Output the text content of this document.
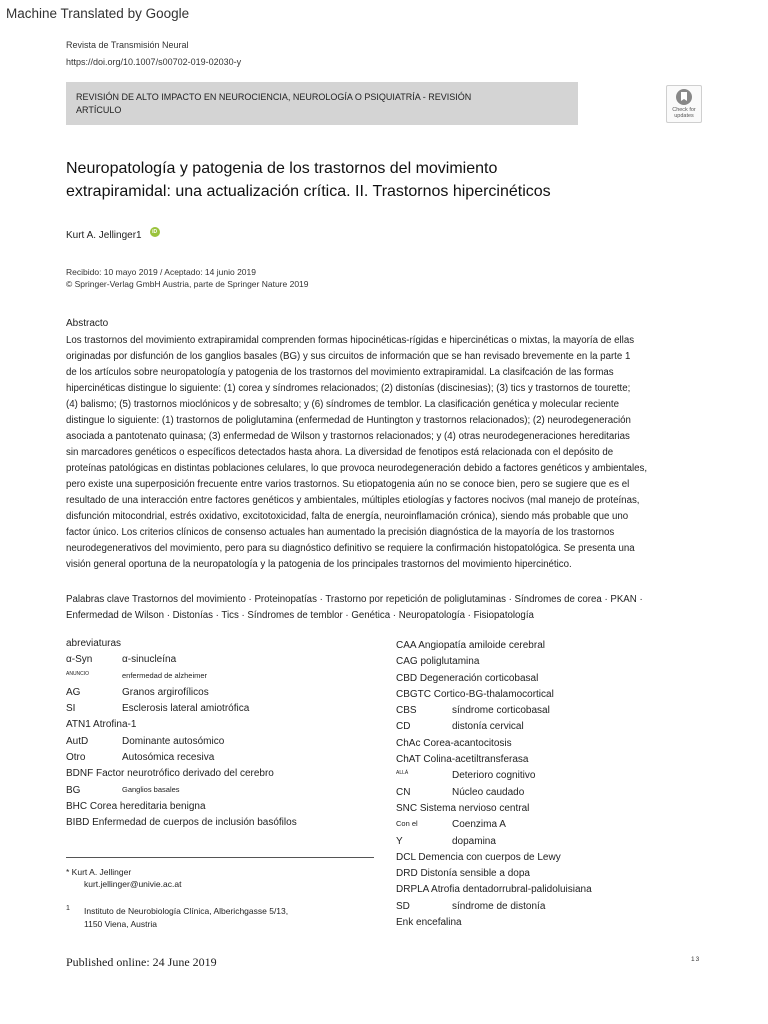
Machine Translated by Google
Revista de Transmisión Neural
https://doi.org/10.1007/s00702-019-02030-y
REVISIÓN DE ALTO IMPACTO EN NEUROCIENCIA, NEUROLOGÍA O PSIQUIATRÍA - REVISIÓN
ARTÍCULO	Check for
updates
Neuropatología y patogenia de los trastornos del movimiento
extrapiramidal: una actualización crítica. II. Trastornos hipercinéticos
Kurt A. Jellinger1	iD
Recibido: 10 mayo 2019 / Aceptado: 14 junio 2019
© Springer-Verlag GmbH Austria, parte de Springer Nature 2019
Abstracto
Los trastornos del movimiento extrapiramidal comprenden formas hipocinéticas-rígidas e hipercinéticas o mixtas, la mayoría de ellas
originadas por disfunción de los ganglios basales (BG) y sus circuitos de información que se han revisado brevemente en la parte 1
de los artículos sobre neuropatología y patogenia de los trastornos del movimiento extrapiramidal. La clasifcación de las formas
hipercinéticas distingue lo siguiente: (1) corea y síndromes relacionados; (2) distonías (discinesias); (3) tics y trastornos de tourette;
(4) balismo; (5) trastornos mioclónicos y de sobresalto; y (6) síndromes de temblor. La clasificación genética y molecular reciente
distingue lo siguiente: (1) trastornos de poliglutamina (enfermedad de Huntington y trastornos relacionados); (2) neurodegeneración
asociada a pantotenato quinasa; (3) enfermedad de Wilson y trastornos relacionados; y (4) otras neurodegeneraciones hereditarias
sin marcadores genéticos o específicos detectados hasta ahora. La diversidad de fenotipos está relacionada con el depósito de
proteínas patológicas en distintas poblaciones celulares, lo que provoca neurodegeneración debido a factores genéticos y ambientales,
pero existe una superposición frecuente entre varios trastornos. Su etiopatogenia aún no se conoce bien, pero se sugiere que es el
resultado de una interacción entre factores genéticos y ambientales, múltiples etiologías y factores nocivos (mal manejo de proteínas,
disfunción mitocondrial, estrés oxidativo, excitotoxicidad, falta de energía, neuroinflamación crónica), siendo más probable que uno
factor único. Los criterios clínicos de consenso actuales han aumentado la precisión diagnóstica de la mayoría de los trastornos
neurodegenerativos del movimiento, pero para su diagnóstico definitivo se requiere la confirmación histopatológica. Se presenta una
visión general oportuna de la neuropatología y la patogenia de los principales trastornos del movimiento hipercinético.
Palabras clave Trastornos del movimiento · Proteinopatías · Trastorno por repetición de poliglutaminas · Síndromes de corea · PKAN ·
Enfermedad de Wilson · Distonías · Tics · Síndromes de temblor · Genética · Neuropatología · Fisiopatología
abreviaturas
α-Syn	α-sinucleína
ANUNCIO	enfermedad de alzheimer
AG	Granos argirofílicos
SI	Esclerosis lateral amiotrófica
ATN1 Atrofina-1
AutD	Dominante autosómico
Otro	Autosómica recesiva
BDNF Factor neurotrófico derivado del cerebro
BG	Ganglios basales
BHC Corea hereditaria benigna
BIBD Enfermedad de cuerpos de inclusión basófilos
CAA Angiopatía amiloide cerebral
CAG poliglutamina
CBD Degeneración corticobasal
CBGTC Cortico-BG-thalamocortical
CBS	síndrome corticobasal
CD	distonía cervical
ChAc Corea-acantocitosis
ChAT Colina-acetiltransferasa
ALLÁ	Deterioro cognitivo
CN	Núcleo caudado
SNC Sistema nervioso central
Con el	Coenzima A
Y	dopamina
DCL Demencia con cuerpos de Lewy
DRD Distonía sensible a dopa
DRPLA Atrofia dentadorrubral-palidoluisiana
SD	síndrome de distonía
Enk encefalina
* Kurt A. Jellinger
kurt.jellinger@univie.ac.at
1 Instituto de Neurobiología Clínica, Alberichgasse 5/13,
1150 Viena, Austria
Published online: 24 June 2019	13
